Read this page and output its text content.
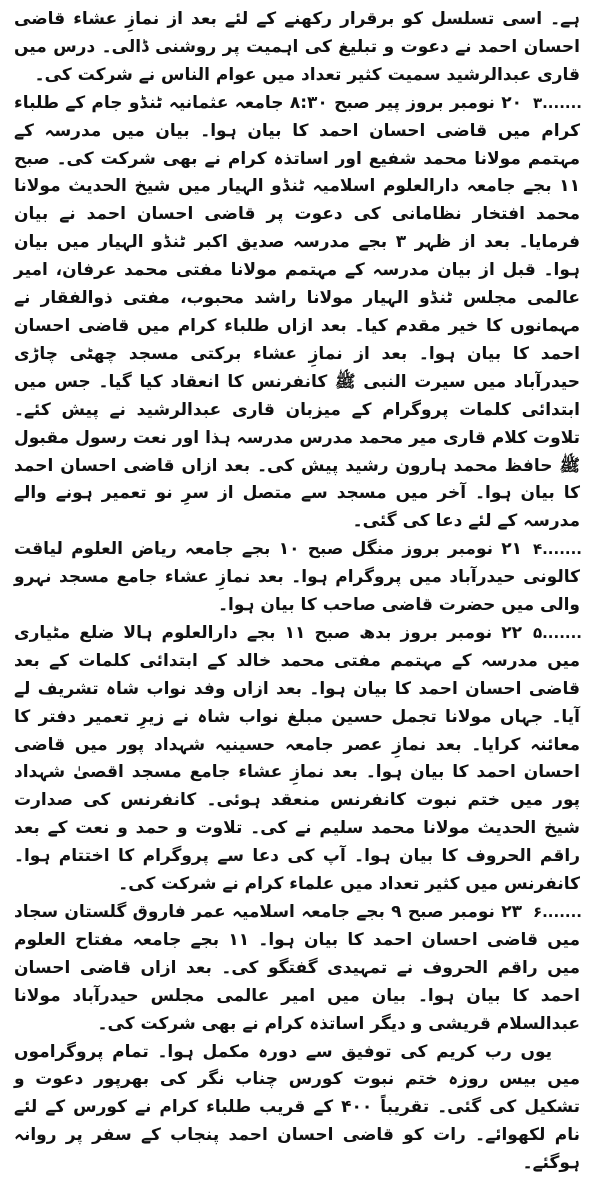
ہے۔ اسی تسلسل کو برقرار رکھنے کے لئے بعد از نمازِ عشاء قاضی احسان احمد نے دعوت و تبلیغ کی اہمیت پر روشنی ڈالی۔ درس میں قاری عبدالرشید سمیت کثیر تعداد میں عوام الناس نے شرکت کی۔

۳.......

۲۰ نومبر بروز پیر صبح ۸:۳۰ جامعہ عثمانیہ ٹنڈو جام کے طلباء کرام میں قاضی احسان احمد کا بیان ہوا۔ بیان میں مدرسہ کے مہتمم مولانا محمد شفیع اور اساتذہ کرام نے بھی شرکت کی۔ صبح ۱۱ بجے جامعہ دارالعلوم اسلامیہ ٹنڈو الہیار میں شیخ الحدیث مولانا محمد افتخار نظامانی کی دعوت پر قاضی احسان احمد نے بیان فرمایا۔ بعد از ظہر ۳ بجے مدرسہ صدیق اکبر ٹنڈو الہیار میں بیان ہوا۔ قبل از بیان مدرسہ کے مہتمم مولانا مفتی محمد عرفان، امیر عالمی مجلس ٹنڈو الہیار مولانا راشد محبوب، مفتی ذوالفقار نے مہمانوں کا خیر مقدم کیا۔ بعد ازاں طلباء کرام میں قاضی احسان احمد کا بیان ہوا۔ بعد از نمازِ عشاء برکتی مسجد چھٹی چاڑی حیدرآباد میں سیرت النبی ﷺ کانفرنس کا انعقاد کیا گیا۔ جس میں ابتدائی کلمات پروگرام کے میزبان قاری عبدالرشید نے پیش کئے۔ تلاوت کلام قاری میر محمد مدرس مدرسہ ہذا اور نعت رسول مقبول ﷺ حافظ محمد ہارون رشید پیش کی۔ بعد ازاں قاضی احسان احمد کا بیان ہوا۔ آخر میں مسجد سے متصل از سرِ نو تعمیر ہونے والے مدرسہ کے لئے دعا کی گئی۔

۴.......

۲۱ نومبر بروز منگل صبح ۱۰ بجے جامعہ ریاض العلوم لیاقت کالونی حیدرآباد میں پروگرام ہوا۔ بعد نمازِ عشاء جامع مسجد نہرو والی میں حضرت قاضی صاحب کا بیان ہوا۔

۵.......

۲۲ نومبر بروز بدھ صبح ۱۱ بجے دارالعلوم ہالا ضلع مٹیاری میں مدرسہ کے مہتمم مفتی محمد خالد کے ابتدائی کلمات کے بعد قاضی احسان احمد کا بیان ہوا۔ بعد ازاں وفد نواب شاہ تشریف لے آیا۔ جہاں مولانا تجمل حسین مبلغ نواب شاہ نے زیرِ تعمیر دفتر کا معائنہ کرایا۔ بعد نمازِ عصر جامعہ حسینیہ شہداد پور میں قاضی احسان احمد کا بیان ہوا۔ بعد نمازِ عشاء جامع مسجد اقصیٰ شہداد پور میں ختم نبوت کانفرنس منعقد ہوئی۔ کانفرنس کی صدارت شیخ الحدیث مولانا محمد سلیم نے کی۔ تلاوت و حمد و نعت کے بعد راقم الحروف کا بیان ہوا۔ آپ کی دعا سے پروگرام کا اختتام ہوا۔ کانفرنس میں کثیر تعداد میں علماء کرام نے شرکت کی۔

۶.......

۲۳ نومبر صبح ۹ بجے جامعہ اسلامیہ عمر فاروق گلستان سجاد میں قاضی احسان احمد کا بیان ہوا۔ ۱۱ بجے جامعہ مفتاح العلوم میں راقم الحروف نے تمہیدی گفتگو کی۔ بعد ازاں قاضی احسان احمد کا بیان ہوا۔ بیان میں امیر عالمی مجلس حیدرآباد مولانا عبدالسلام قریشی و دیگر اساتذہ کرام نے بھی شرکت کی۔

یوں رب کریم کی توفیق سے دورہ مکمل ہوا۔ تمام پروگراموں میں بیس روزہ ختم نبوت کورس چناب نگر کی بھرپور دعوت و تشکیل کی گئی۔ تقریباً ۴۰۰ کے قریب طلباء کرام نے کورس کے لئے نام لکھوائے۔ رات کو قاضی احسان احمد پنجاب کے سفر پر روانہ ہوگئے۔
